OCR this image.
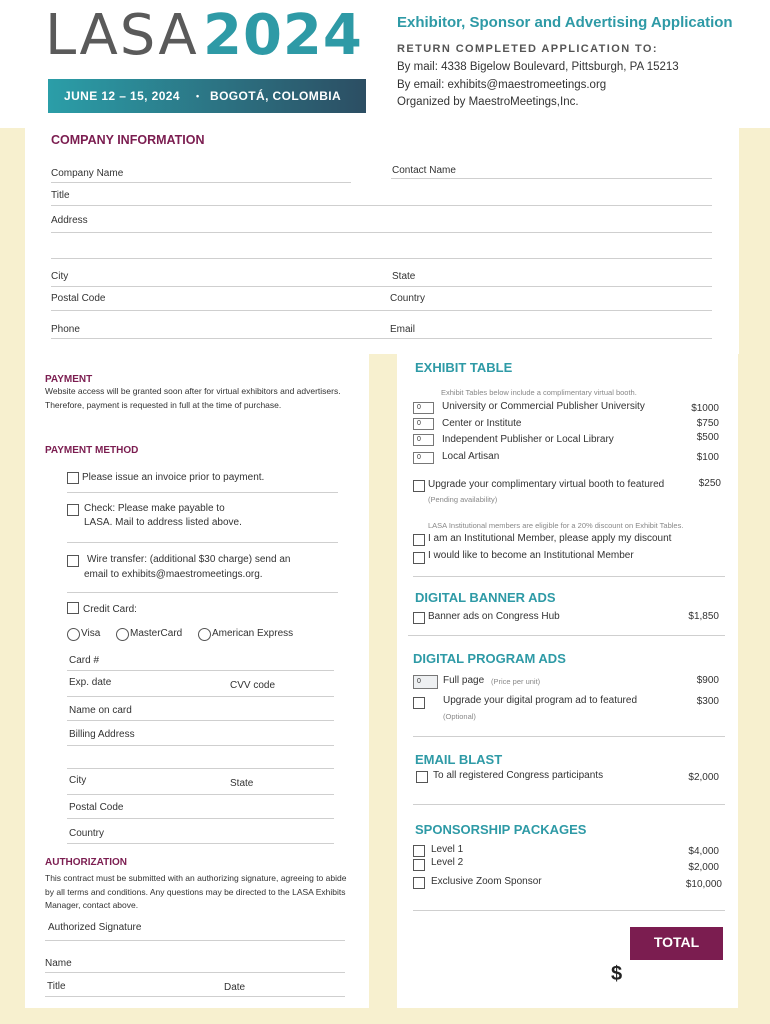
LASA 2024
JUNE 12 – 15, 2024 • BOGOTÁ, COLOMBIA
Exhibitor, Sponsor and Advertising Application
RETURN COMPLETED APPLICATION TO:
By mail: 4338 Bigelow Boulevard, Pittsburgh, PA 15213
By email: exhibits@maestromeetings.org
Organized by MaestroMeetings,Inc.
COMPANY INFORMATION
Company Name	Contact Name
Title
Address
City	State
Postal Code	Country
Phone	Email
PAYMENT
Website access will be granted soon after for virtual exhibitors and advertisers. Therefore, payment is requested in full at the time of purchase.
PAYMENT METHOD
Please issue an invoice prior to payment.
Check: Please make payable to
LASA. Mail to address listed above.
Wire transfer: (additional $30 charge) send an
email to exhibits@maestromeetings.org.
Credit Card:
Visa	MasterCard	American Express
Card #
Exp. date	CVV code
Name on card
Billing Address
City	State
Postal Code
Country
AUTHORIZATION
This contract must be submitted with an authorizing signature, agreeing to abide by all terms and conditions. Any questions may be directed to the LASA Exhibits Manager, contact above.
Authorized Signature
Name
Title	Date
EXHIBIT TABLE
Exhibit Tables below include a complimentary virtual booth.
0	University or Commercial Publisher University	$1000
0	Center or Institute	$750
0	Independent Publisher or Local Library	$500
0	Local Artisan	$100
Upgrade your complimentary virtual booth to featured	$250
(Pending availability)
LASA Institutional members are eligible for a 20% discount on Exhibit Tables.
I am an Institutional Member, please apply my discount
I would like to become an Institutional Member
DIGITAL BANNER ADS
Banner ads on Congress Hub	$1,850
DIGITAL PROGRAM ADS
0	Full page (Price per unit)	$900
Upgrade your digital program ad to featured	$300
(Optional)
EMAIL BLAST
To all registered Congress participants	$2,000
SPONSORSHIP PACKAGES
Level 1	$4,000
Level 2	$2,000
Exclusive Zoom Sponsor	$10,000
TOTAL
$
